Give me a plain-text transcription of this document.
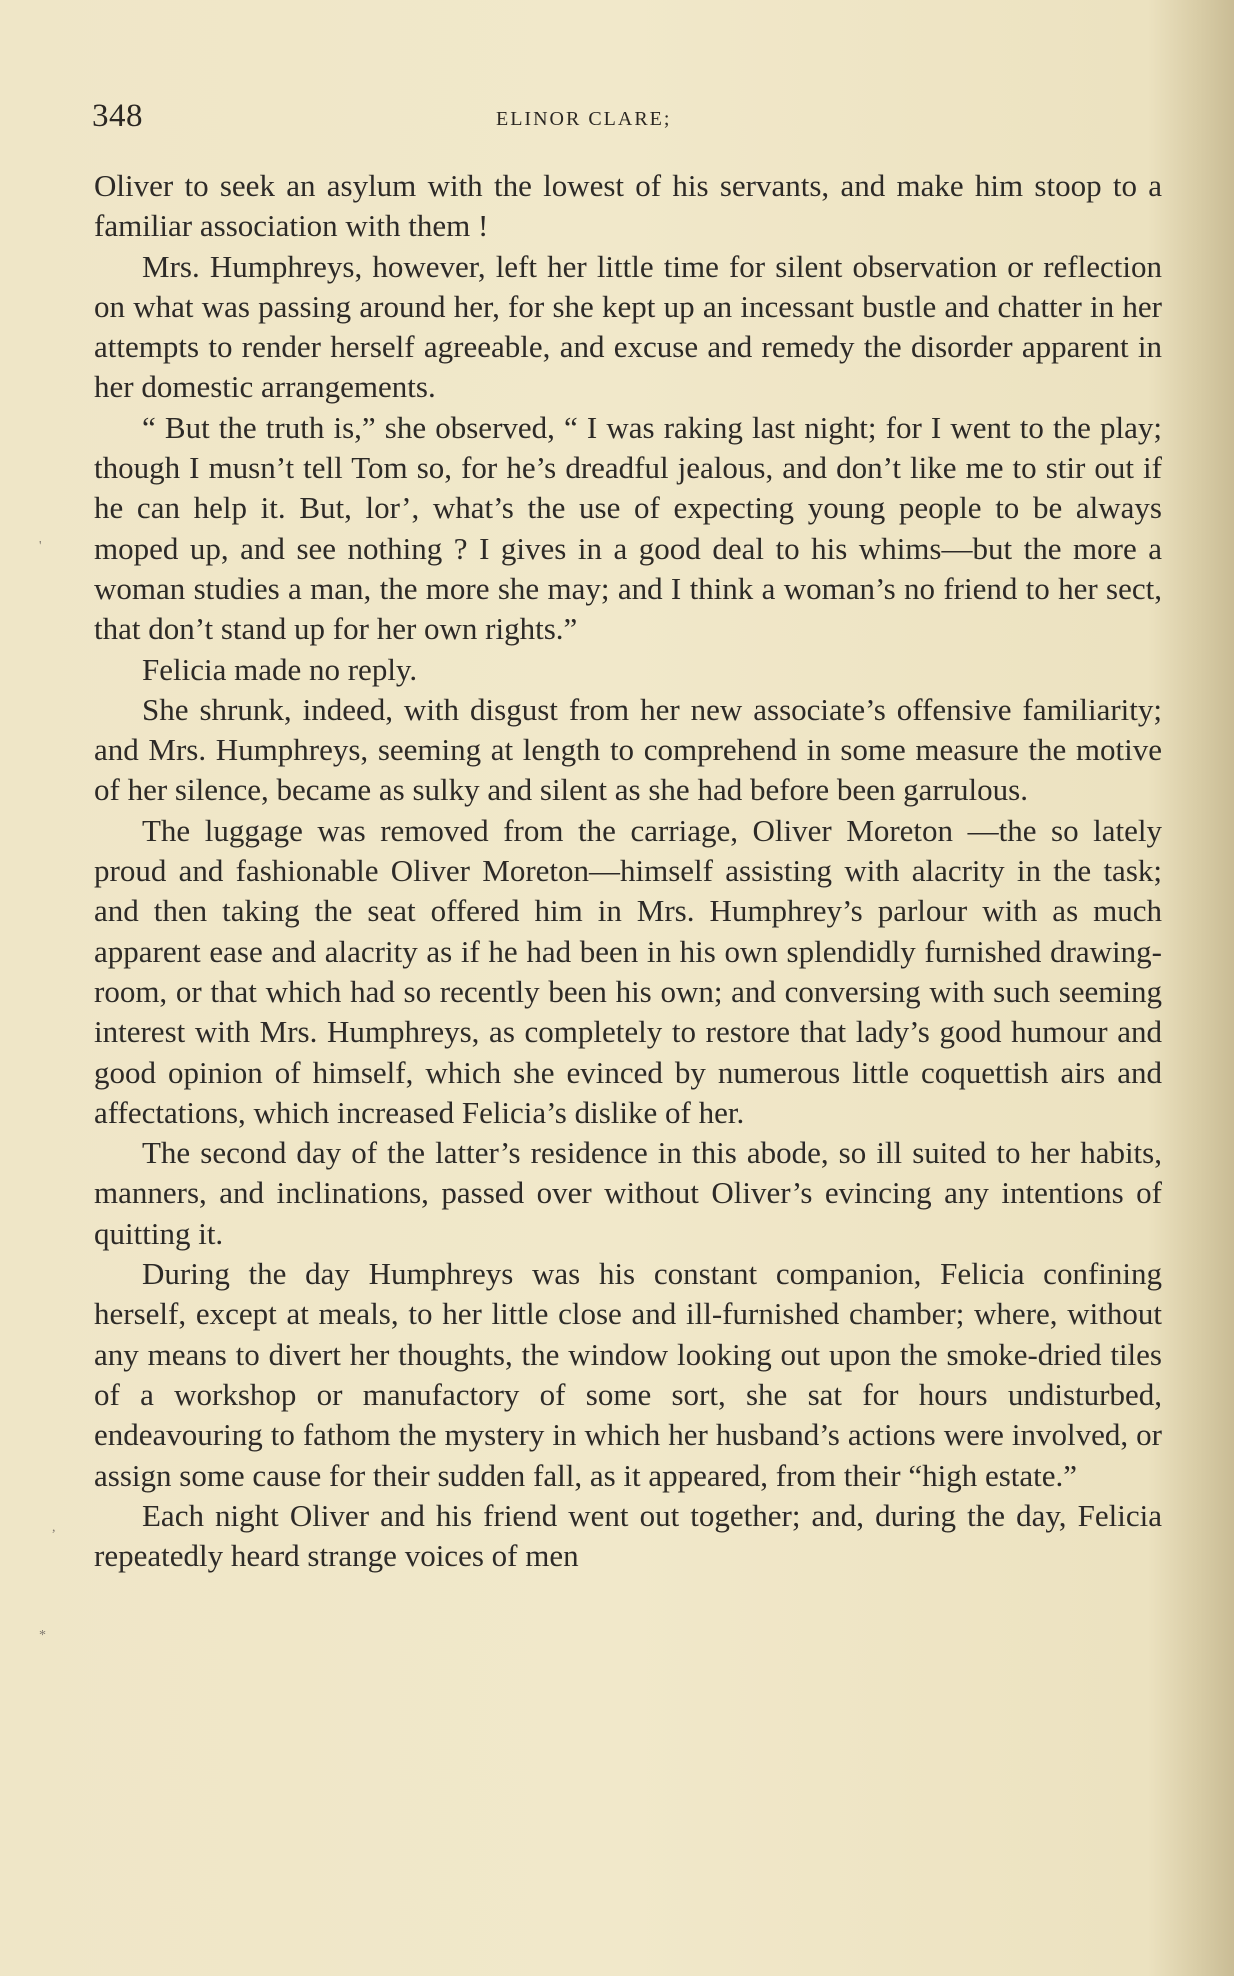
348	ELINOR CLARE;

Oliver to seek an asylum with the lowest of his servants, and make him stoop to a familiar association with them !

Mrs. Humphreys, however, left her little time for silent observation or reflection on what was passing around her, for she kept up an incessant bustle and chatter in her attempts to render herself agreeable, and excuse and remedy the disorder apparent in her domestic arrangements.

“ But the truth is,” she observed, “ I was raking last night; for I went to the play; though I musn’t tell Tom so, for he’s dreadful jealous, and don’t like me to stir out if he can help it. But, lor’, what’s the use of expecting young people to be always moped up, and see nothing ? I gives in a good deal to his whims—but the more a woman studies a man, the more she may; and I think a woman’s no friend to her sect, that don’t stand up for her own rights.”

Felicia made no reply.

She shrunk, indeed, with disgust from her new associate’s offensive familiarity; and Mrs. Humphreys, seeming at length to comprehend in some measure the motive of her silence, became as sulky and silent as she had before been garrulous.

The luggage was removed from the carriage, Oliver Moreton —the so lately proud and fashionable Oliver Moreton—himself assisting with alacrity in the task; and then taking the seat offered him in Mrs. Humphrey’s parlour with as much apparent ease and alacrity as if he had been in his own splendidly furnished drawing-room, or that which had so recently been his own; and conversing with such seeming interest with Mrs. Humphreys, as completely to restore that lady’s good humour and good opinion of himself, which she evinced by numerous little coquettish airs and affectations, which increased Felicia’s dislike of her.

The second day of the latter’s residence in this abode, so ill suited to her habits, manners, and inclinations, passed over without Oliver’s evincing any intentions of quitting it.

During the day Humphreys was his constant companion, Felicia confining herself, except at meals, to her little close and ill-furnished chamber; where, without any means to divert her thoughts, the window looking out upon the smoke-dried tiles of a workshop or manufactory of some sort, she sat for hours undisturbed, endeavouring to fathom the mystery in which her husband’s actions were involved, or assign some cause for their sudden fall, as it appeared, from their “high estate.”

Each night Oliver and his friend went out together; and, during the day, Felicia repeatedly heard strange voices of men

'
,
*
